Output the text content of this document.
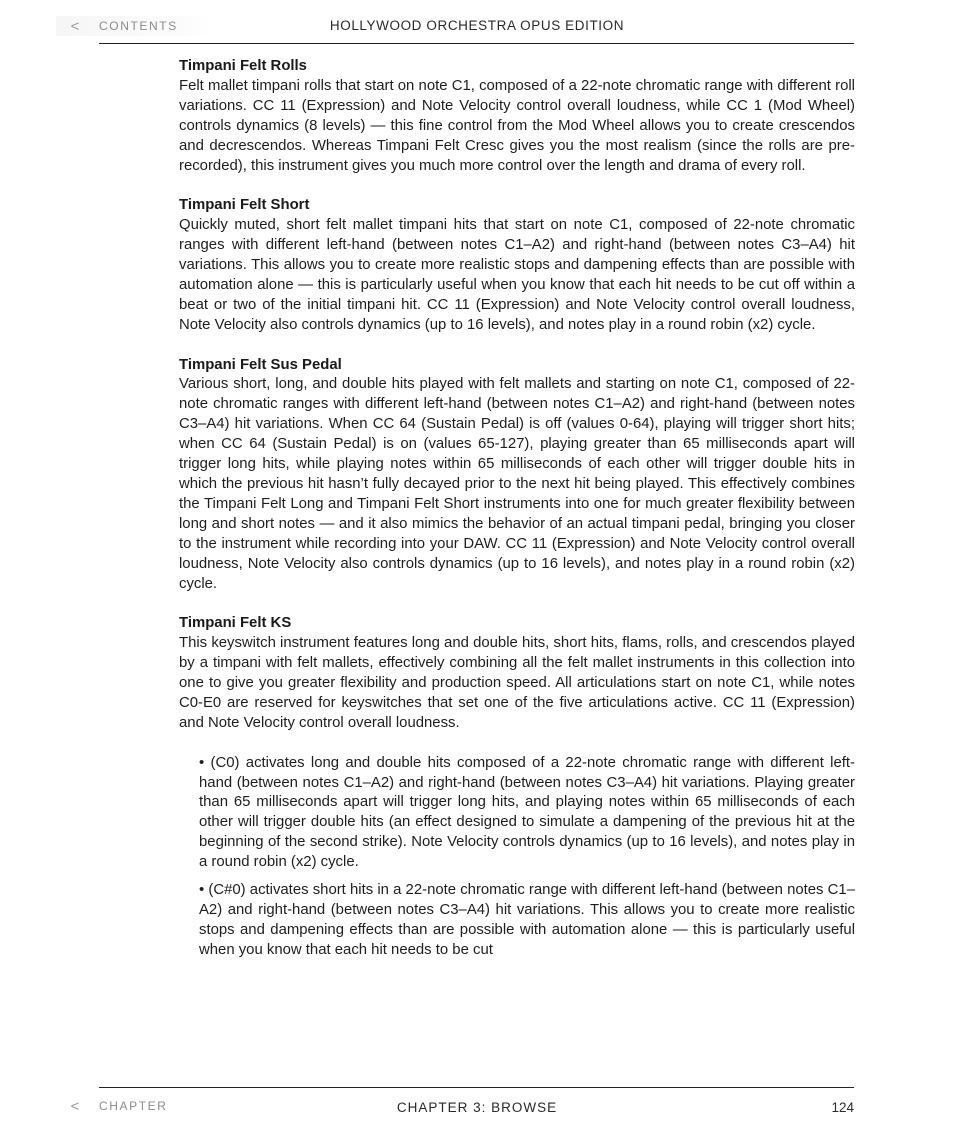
<	CONTENTS	HOLLYWOOD ORCHESTRA OPUS EDITION
Timpani Felt Rolls

Felt mallet timpani rolls that start on note C1, composed of a 22-note chromatic range with different roll variations. CC 11 (Expression) and Note Velocity control overall loudness, while CC 1 (Mod Wheel) controls dynamics (8 levels) — this fine control from the Mod Wheel allows you to create crescendos and decrescendos. Whereas Timpani Felt Cresc gives you the most realism (since the rolls are pre-recorded), this instrument gives you much more control over the length and drama of every roll.

Timpani Felt Short

Quickly muted, short felt mallet timpani hits that start on note C1, composed of 22-note chromatic ranges with different left-hand (between notes C1–A2) and right-hand (between notes C3–A4) hit variations. This allows you to create more realistic stops and dampening effects than are possible with automation alone — this is particularly useful when you know that each hit needs to be cut off within a beat or two of the initial timpani hit. CC 11 (Expression) and Note Velocity control overall loudness, Note Velocity also controls dynamics (up to 16 levels), and notes play in a round robin (x2) cycle.

Timpani Felt Sus Pedal

Various short, long, and double hits played with felt mallets and starting on note C1, composed of 22-note chromatic ranges with different left-hand (between notes C1–A2) and right-hand (between notes C3–A4) hit variations. When CC 64 (Sustain Pedal) is off (values 0-64), playing will trigger short hits; when CC 64 (Sustain Pedal) is on (values 65-127), playing greater than 65 milliseconds apart will trigger long hits, while playing notes within 65 milliseconds of each other will trigger double hits in which the previous hit hasn’t fully decayed prior to the next hit being played. This effectively combines the Timpani Felt Long and Timpani Felt Short instruments into one for much greater flexibility between long and short notes — and it also mimics the behavior of an actual timpani pedal, bringing you closer to the instrument while recording into your DAW. CC 11 (Expression) and Note Velocity control overall loudness, Note Velocity also controls dynamics (up to 16 levels), and notes play in a round robin (x2) cycle.

Timpani Felt KS

This keyswitch instrument features long and double hits, short hits, flams, rolls, and crescendos played by a timpani with felt mallets, effectively combining all the felt mallet instruments in this collection into one to give you greater flexibility and production speed. All articulations start on note C1, while notes C0-E0 are reserved for keyswitches that set one of the five articulations active. CC 11 (Expression) and Note Velocity control overall loudness.

• (C0) activates long and double hits composed of a 22-note chromatic range with different left-hand (between notes C1–A2) and right-hand (between notes C3–A4) hit variations. Playing greater than 65 milliseconds apart will trigger long hits, and playing notes within 65 milliseconds of each other will trigger double hits (an effect designed to simulate a dampening of the previous hit at the beginning of the second strike). Note Velocity controls dynamics (up to 16 levels), and notes play in a round robin (x2) cycle.
• (C#0) activates short hits in a 22-note chromatic range with different left-hand (between notes C1–A2) and right-hand (between notes C3–A4) hit variations. This allows you to create more realistic stops and dampening effects than are possible with automation alone — this is particularly useful when you know that each hit needs to be cut
<	CHAPTER	CHAPTER 3: BROWSE	124
